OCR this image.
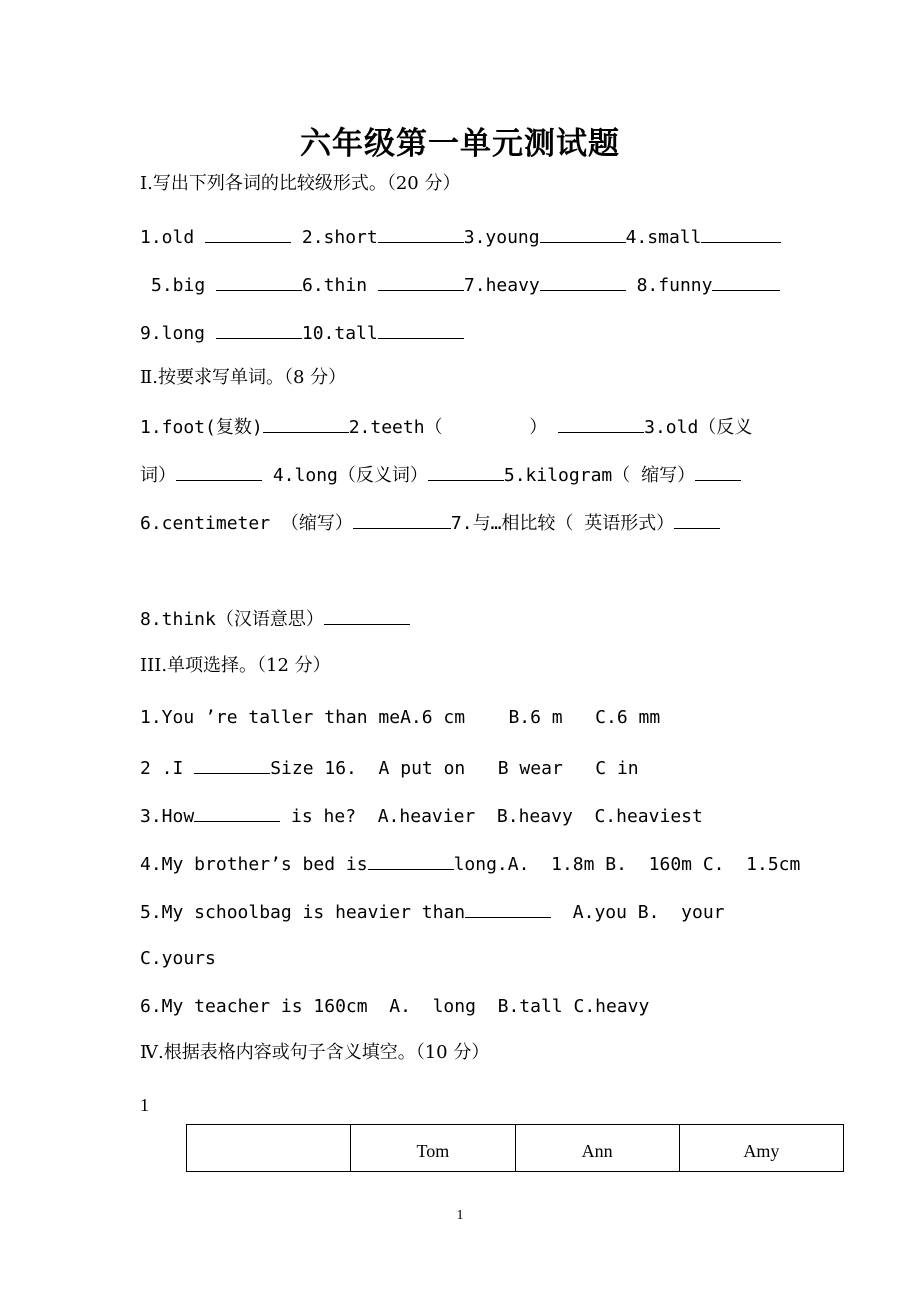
六年级第一单元测试题
Ⅰ.写出下列各词的比较级形式。（20 分）
1.old	2.short	3.young	4.small
5.big	6.thin	7.heavy	8.funny
9.long	10.tall
Ⅱ.按要求写单词。（8 分）
1.foot(复数)	2.teeth（        ）	3.old（反义
词）	4.long（反义词）	5.kilogram（ 缩写）
6.centimeter （缩写）	7.与…相比较（ 英语形式）
8.think（汉语意思）
III.单项选择。（12 分）
1.You ’re taller than meA.6 cm    B.6 m   C.6 mm
2 .I	Size 16.  A put on   B wear   C in
3.How	is he?  A.heavier  B.heavy  C.heaviest
4.My brother’s bed is	long.A.  1.8m B.  160m C.  1.5cm
5.My schoolbag is heavier than	A.you B.  your
C.yours
6.My teacher is 160cm  A.  long  B.tall C.heavy
Ⅳ.根据表格内容或句子含义填空。（10 分）
1
	Tom	Ann	Amy
1
